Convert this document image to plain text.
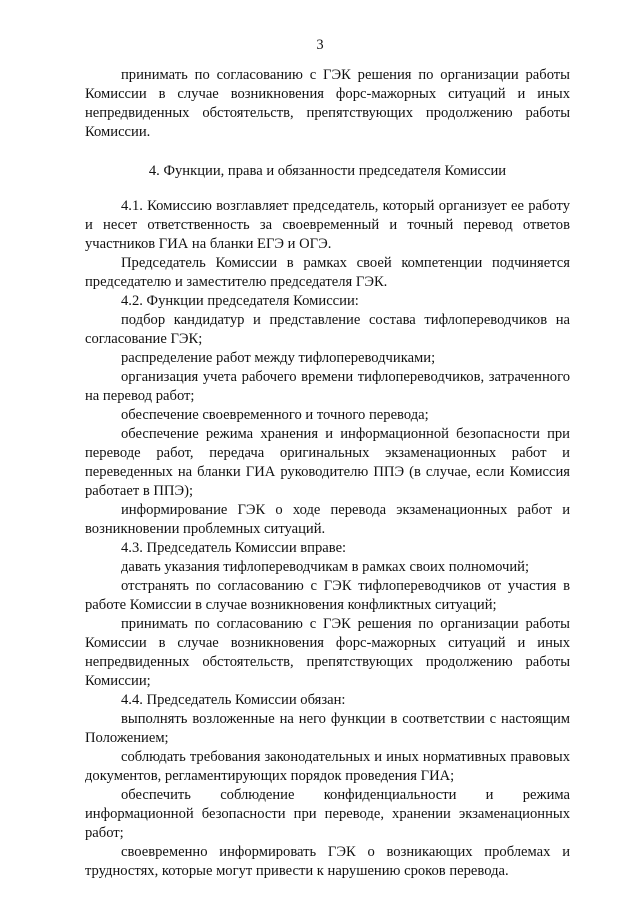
3

принимать по согласованию с ГЭК решения по организации работы Комиссии в случае возникновения форс-мажорных ситуаций и иных непредвиденных обстоятельств, препятствующих продолжению работы Комиссии.

4. Функции, права и обязанности председателя Комиссии

4.1. Комиссию возглавляет председатель, который организует ее работу и несет ответственность за своевременный и точный перевод ответов участников ГИА на бланки ЕГЭ и ОГЭ.

Председатель Комиссии в рамках своей компетенции подчиняется председателю и заместителю председателя ГЭК.

4.2. Функции председателя Комиссии:

подбор кандидатур и представление состава тифлопереводчиков на согласование ГЭК;

распределение работ между тифлопереводчиками;

организация учета рабочего времени тифлопереводчиков, затраченного на перевод работ;

обеспечение своевременного и точного перевода;

обеспечение режима хранения и информационной безопасности при переводе работ, передача оригинальных экзаменационных работ и переведенных на бланки ГИА руководителю ППЭ (в случае, если Комиссия работает в ППЭ);

информирование ГЭК о ходе перевода экзаменационных работ и возникновении проблемных ситуаций.

4.3. Председатель Комиссии вправе:

давать указания тифлопереводчикам в рамках своих полномочий;

отстранять по согласованию с ГЭК тифлопереводчиков от участия в работе Комиссии в случае возникновения конфликтных ситуаций;

принимать по согласованию с ГЭК решения по организации работы Комиссии в случае возникновения форс-мажорных ситуаций и иных непредвиденных обстоятельств, препятствующих продолжению работы Комиссии;

4.4. Председатель Комиссии обязан:

выполнять возложенные на него функции в соответствии с настоящим Положением;

соблюдать требования законодательных и иных нормативных правовых документов, регламентирующих порядок проведения ГИА;

обеспечить соблюдение конфиденциальности и режима информационной безопасности при переводе, хранении экзаменационных работ;

своевременно информировать ГЭК о возникающих проблемах и трудностях, которые могут привести к нарушению сроков перевода.
